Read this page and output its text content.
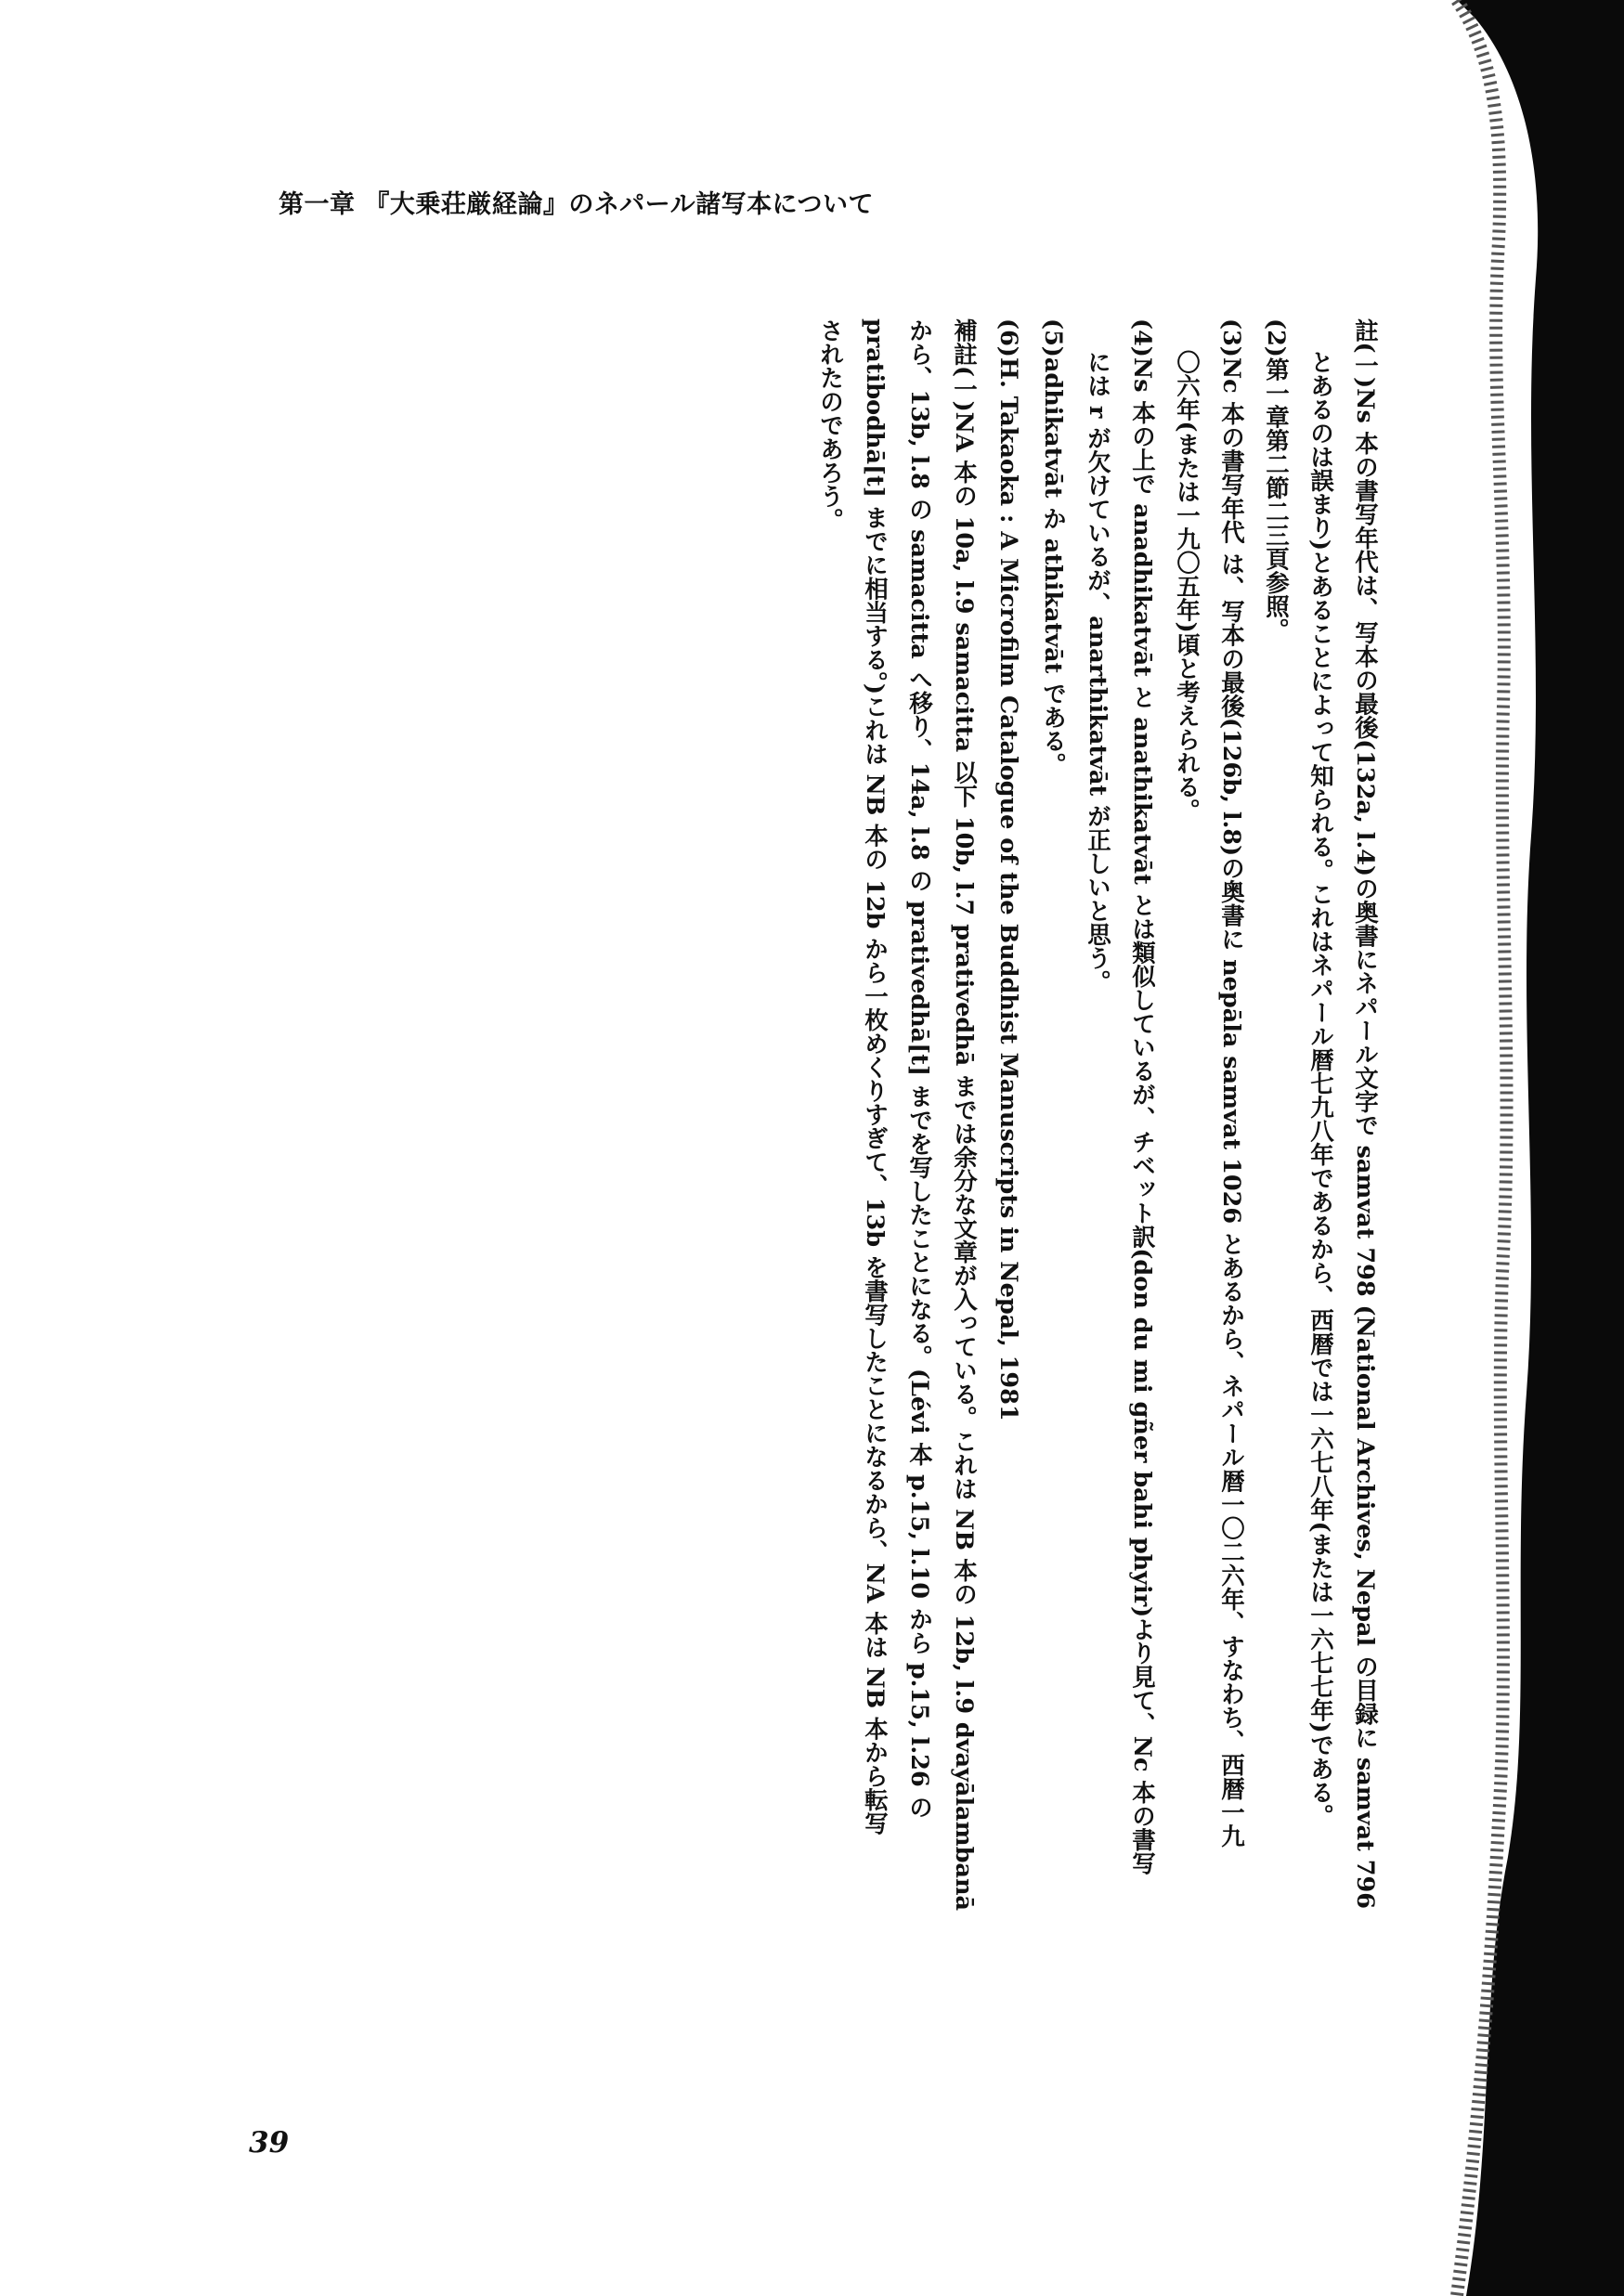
第一章 『大乗荘厳経論』のネパール諸写本について

註(一)Ns 本の書写年代は、写本の最後(132a, l.4)の奥書にネパール文字で samvat 798 (National Archives, Nepal の目録に samvat 796

とあるのは誤まり)とあることによって知られる。これはネパール暦七九八年であるから、西暦では一六七八年(または一六七七年)である。

(2)第一章第二節二三頁参照。

(3)Nc 本の書写年代 は、写本の最後(126b, l.8)の奥書に nepāla samvat 1026 とあるから、ネパール暦一〇二六年、すなわち、西暦一九

〇六年(または一九〇五年)頃と考えられる。

(4)Ns 本の上で anadhikatvāt と anathikatvāt とは類似しているが、チベット訳(don du mi gñer bahi phyir)より見て、Nc 本の書写

には r が欠けているが、anarthikatvāt が正しいと思う。

(5)adhikatvāt か athikatvāt である。

(6)H. Takaoka : A Microfilm Catalogue of the Buddhist Manuscripts in Nepal, 1981

補註(一)NA 本の 10a, l.9 samacitta 以下 10b, l.7 prativedhā までは余分な文章が入っている。これは NB 本の 12b, l.9 dvayālambanā

から、13b, l.8 の samacitta へ移り、14a, l.8 の prativedhā[t] までを写したことになる。(Lévi 本 p.15, l.10 から p.15, l.26 の

pratibodhā[t] までに相当する。)これは NB 本の 12b から一枚めくりすぎて、13b を書写したことになるから、NA 本は NB 本から転写

されたのであろう。

39
